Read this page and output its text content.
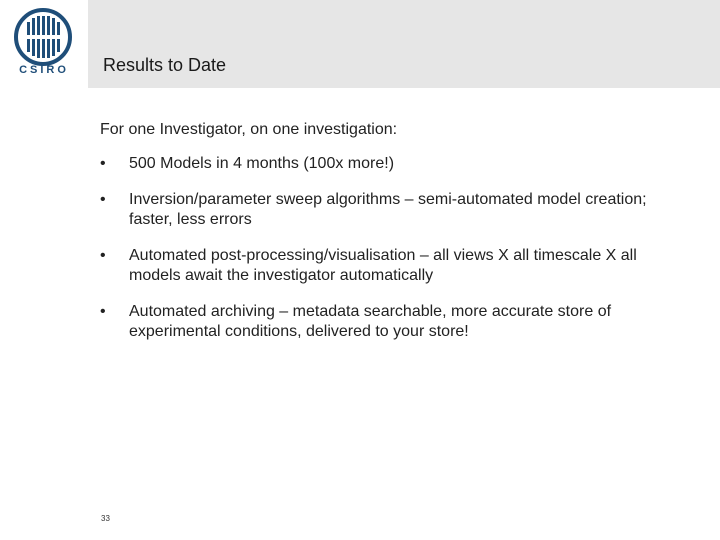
CSIRO	Results to Date

For one Investigator, on one investigation:

• 500 Models in 4 months (100x more!)
• Inversion/parameter sweep algorithms – semi-automated model creation; faster, less errors
• Automated post-processing/visualisation – all views X all timescale X all models await the investigator automatically
• Automated archiving – metadata searchable, more accurate store of experimental conditions, delivered to your store!
33
